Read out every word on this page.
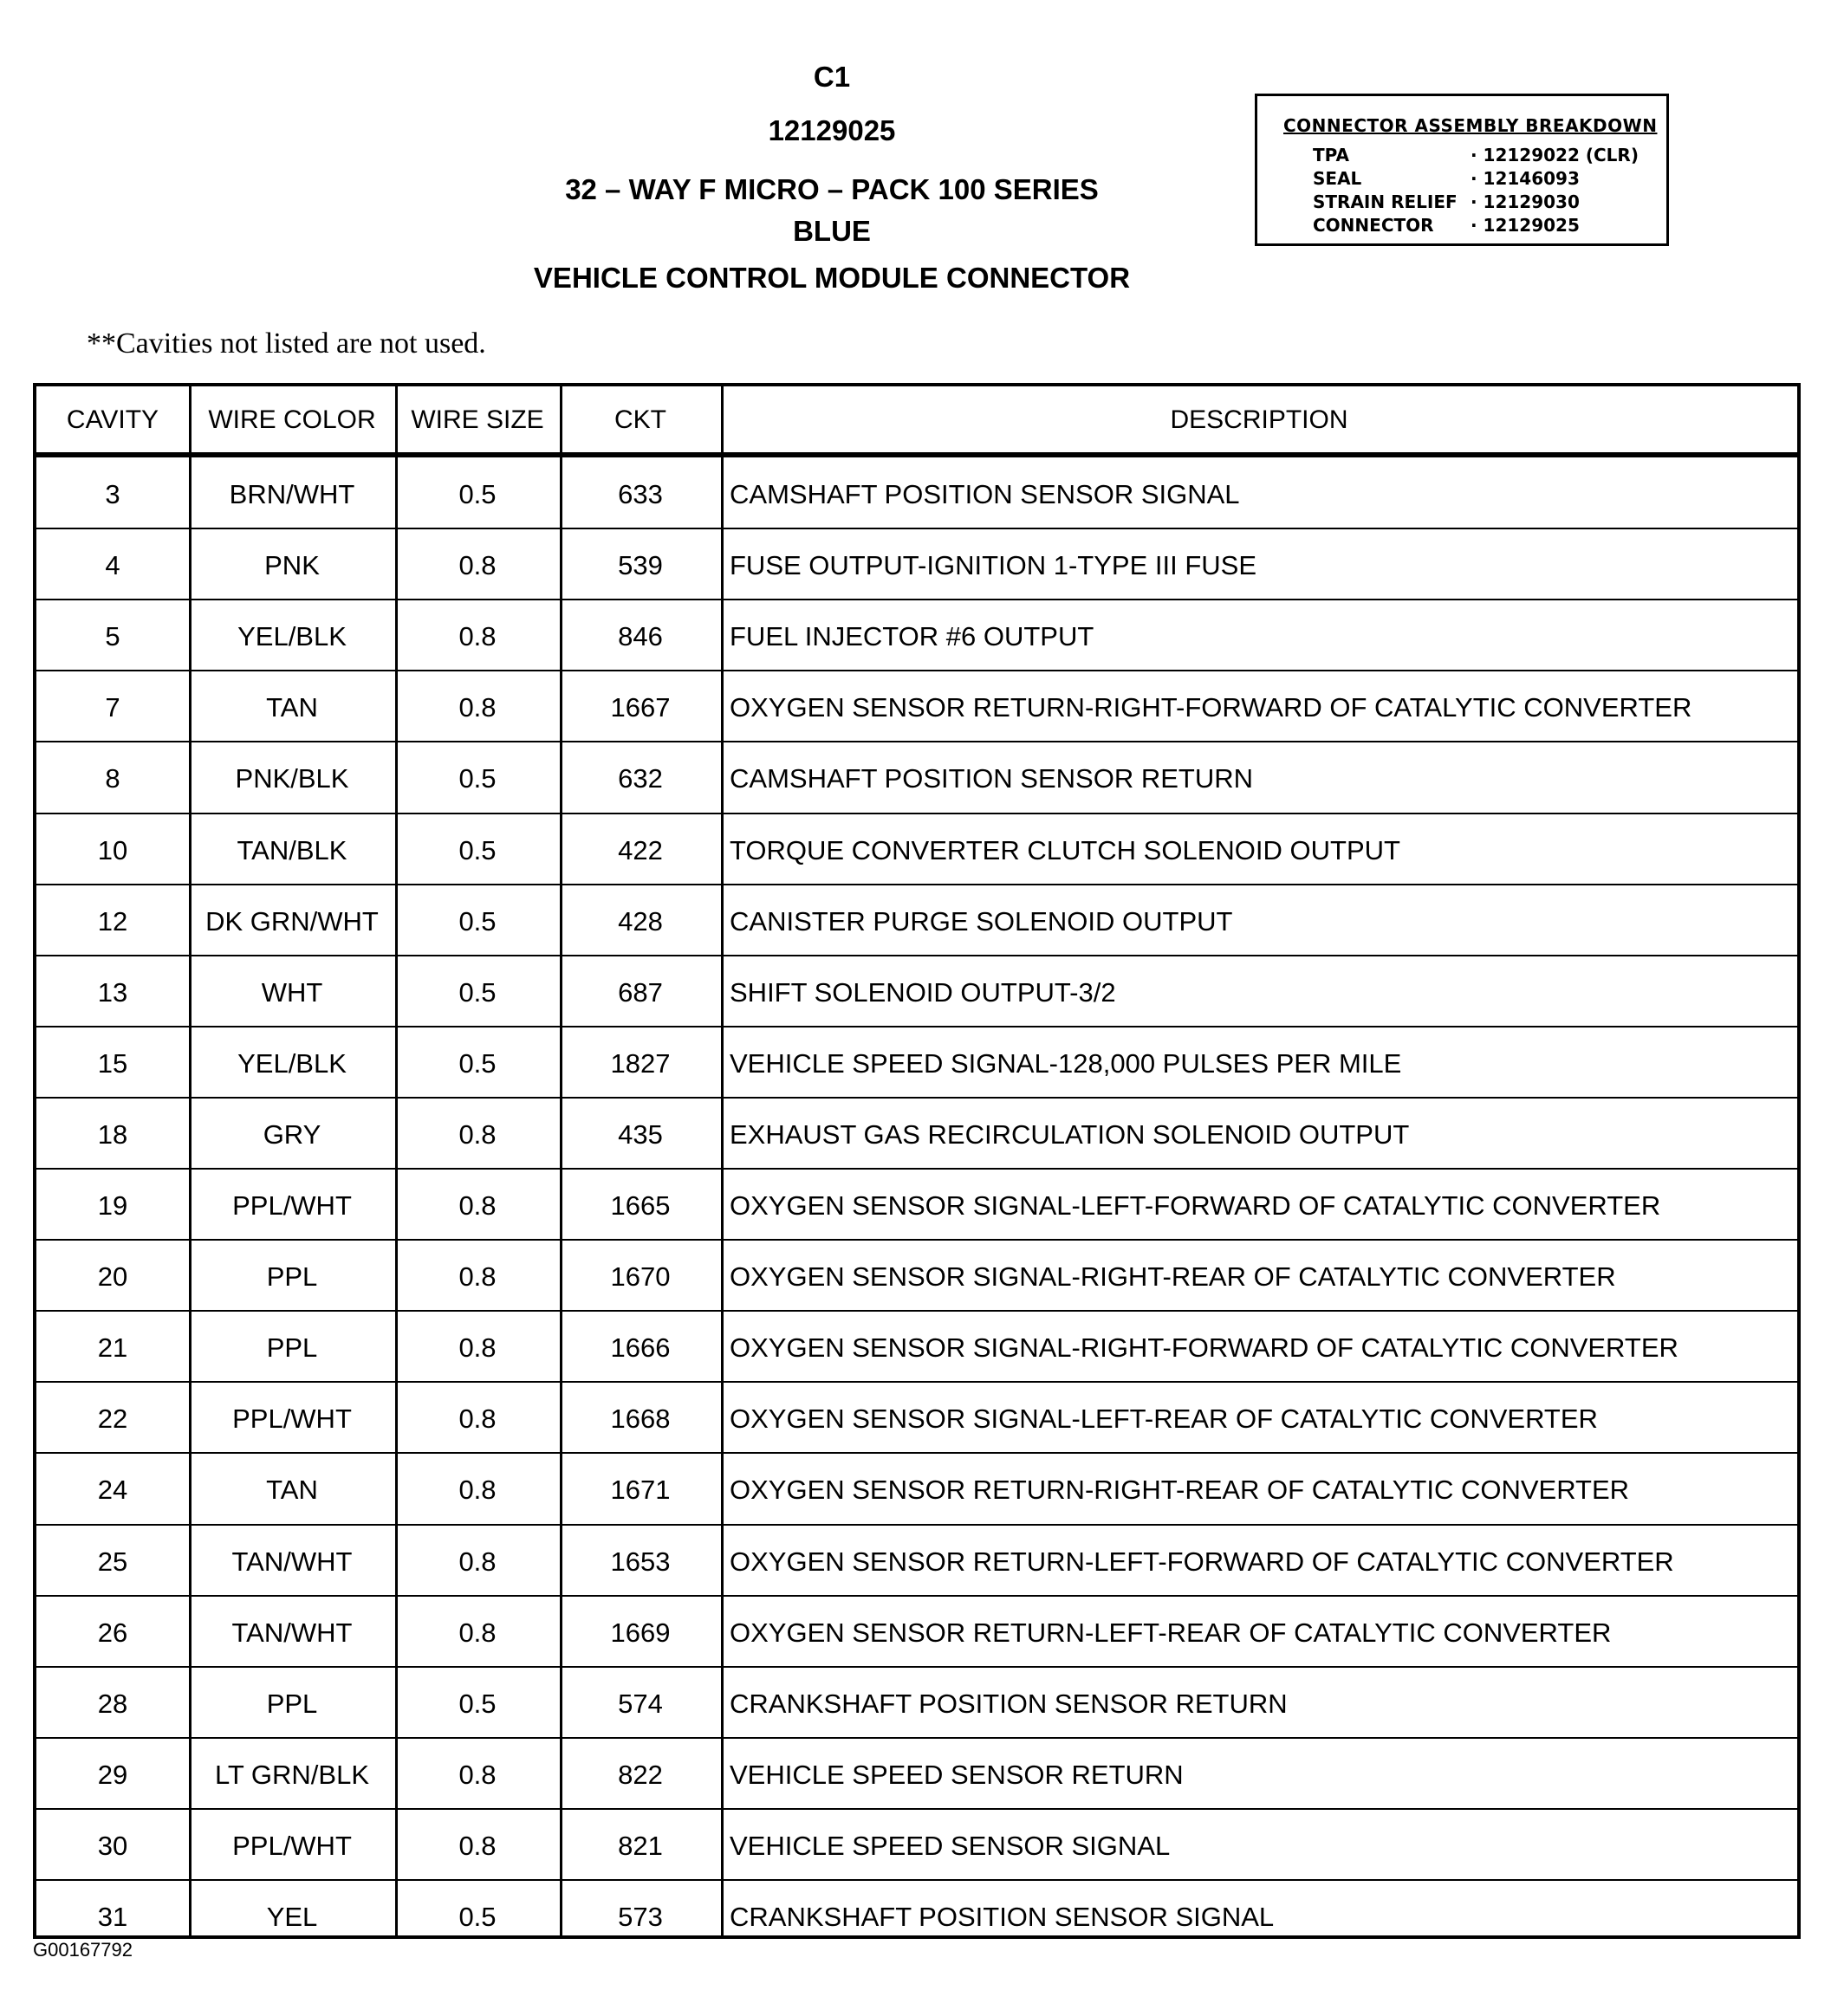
C1
12129025
32 – WAY F MICRO – PACK 100 SERIES
BLUE
VEHICLE CONTROL MODULE CONNECTOR
CONNECTOR ASSEMBLY BREAKDOWN
TPA	· 12129022 (CLR)
SEAL	· 12146093
STRAIN RELIEF · 12129030
CONNECTOR · 12129025
**Cavities not listed are not used.
CAVITY	WIRE COLOR	WIRE SIZE	CKT	DESCRIPTION
3	BRN/WHT	0.5	633	CAMSHAFT POSITION SENSOR SIGNAL
4	PNK	0.8	539	FUSE OUTPUT-IGNITION 1-TYPE III FUSE
5	YEL/BLK	0.8	846	FUEL INJECTOR #6 OUTPUT
7	TAN	0.8	1667	OXYGEN SENSOR RETURN-RIGHT-FORWARD OF CATALYTIC CONVERTER
8	PNK/BLK	0.5	632	CAMSHAFT POSITION SENSOR RETURN
10	TAN/BLK	0.5	422	TORQUE CONVERTER CLUTCH SOLENOID OUTPUT
12	DK GRN/WHT	0.5	428	CANISTER PURGE SOLENOID OUTPUT
13	WHT	0.5	687	SHIFT SOLENOID OUTPUT-3/2
15	YEL/BLK	0.5	1827	VEHICLE SPEED SIGNAL-128,000 PULSES PER MILE
18	GRY	0.8	435	EXHAUST GAS RECIRCULATION SOLENOID OUTPUT
19	PPL/WHT	0.8	1665	OXYGEN SENSOR SIGNAL-LEFT-FORWARD OF CATALYTIC CONVERTER
20	PPL	0.8	1670	OXYGEN SENSOR SIGNAL-RIGHT-REAR OF CATALYTIC CONVERTER
21	PPL	0.8	1666	OXYGEN SENSOR SIGNAL-RIGHT-FORWARD OF CATALYTIC CONVERTER
22	PPL/WHT	0.8	1668	OXYGEN SENSOR SIGNAL-LEFT-REAR OF CATALYTIC CONVERTER
24	TAN	0.8	1671	OXYGEN SENSOR RETURN-RIGHT-REAR OF CATALYTIC CONVERTER
25	TAN/WHT	0.8	1653	OXYGEN SENSOR RETURN-LEFT-FORWARD OF CATALYTIC CONVERTER
26	TAN/WHT	0.8	1669	OXYGEN SENSOR RETURN-LEFT-REAR OF CATALYTIC CONVERTER
28	PPL	0.5	574	CRANKSHAFT POSITION SENSOR RETURN
29	LT GRN/BLK	0.8	822	VEHICLE SPEED SENSOR RETURN
30	PPL/WHT	0.8	821	VEHICLE SPEED SENSOR SIGNAL
31	YEL	0.5	573	CRANKSHAFT POSITION SENSOR SIGNAL
G00167792
